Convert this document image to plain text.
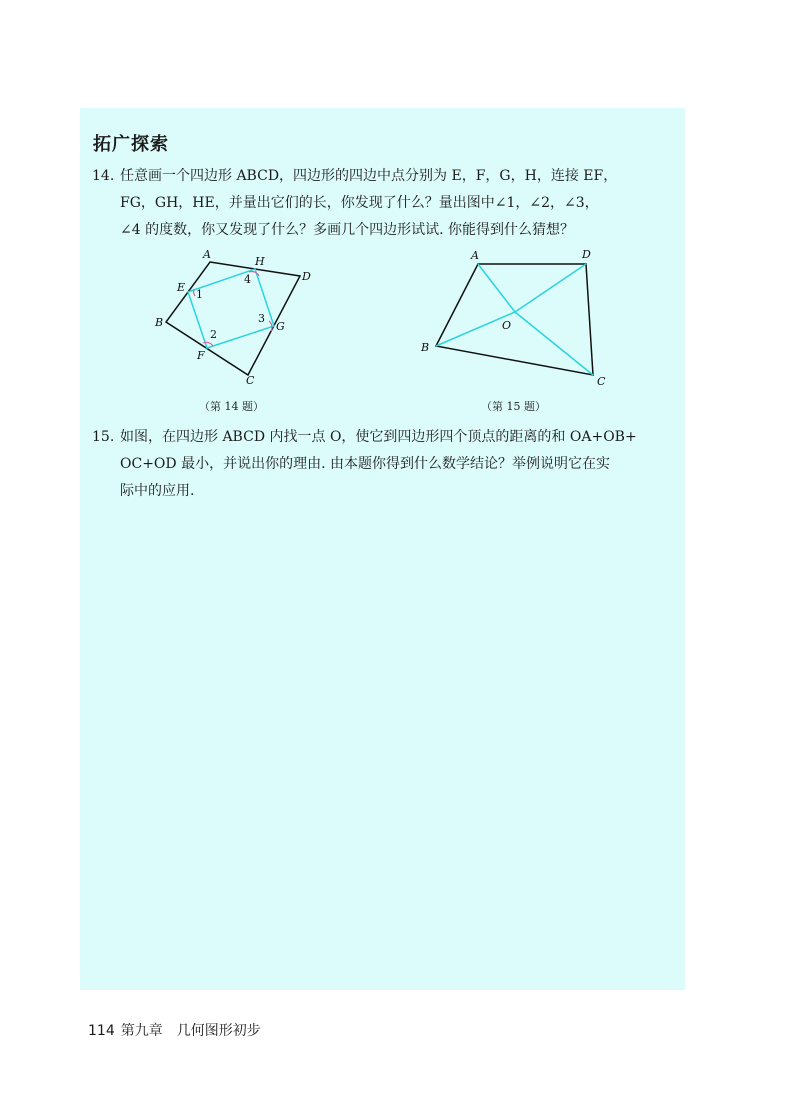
拓广探索
14. 任意画一个四边形 ABCD，四边形的四边中点分别为 E，F，G，H，连接 EF，
FG，GH，HE，并量出它们的长，你发现了什么？量出图中∠1，∠2，∠3，
∠4 的度数，你又发现了什么？多画几个四边形试试. 你能得到什么猜想？
A
D
C
B
E
F
G
H
1
2
3
4
（第 14 题）
A	D
C
B
O
（第 15 题）
15. 如图，在四边形 ABCD 内找一点 O，使它到四边形四个顶点的距离的和 OA+OB+
OC+OD 最小，并说出你的理由. 由本题你得到什么数学结论？举例说明它在实
际中的应用.
114 第九章 几何图形初步
